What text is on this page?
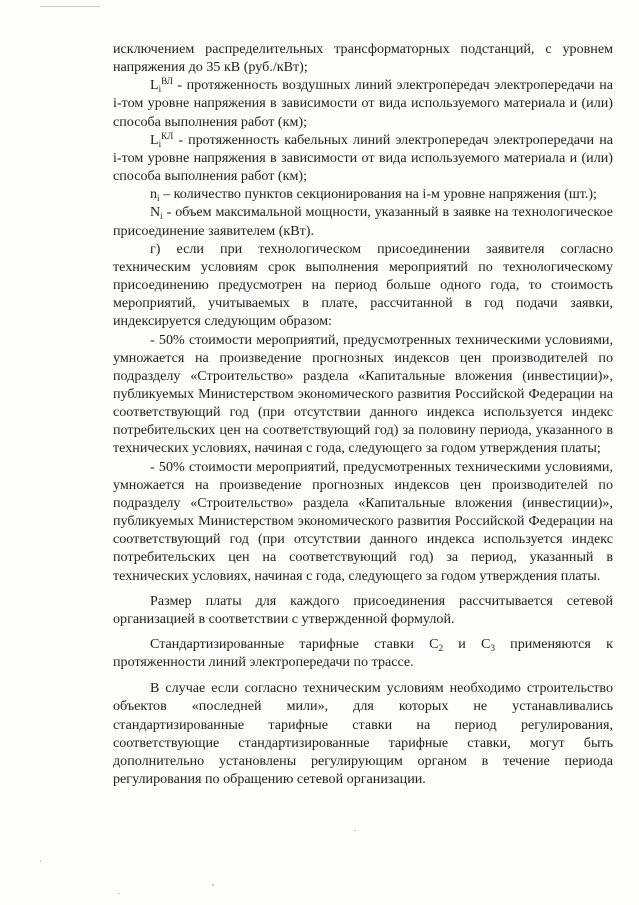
исключением распределительных трансформаторных подстанций, с уровнем напряжения до 35 кВ (руб./кВт);

$L_i^{ВЛ}$ - протяженность воздушных линий электропередач электропередачи на i-том уровне напряжения в зависимости от вида используемого материала и (или) способа выполнения работ (км);

$L_i^{КЛ}$ - протяженность кабельных линий электропередач электропередачи на i-том уровне напряжения в зависимости от вида используемого материала и (или) способа выполнения работ (км);

$n_i$ – количество пунктов секционирования на i-м уровне напряжения (шт.);

$N_i$ - объем максимальной мощности, указанный в заявке на технологическое присоединение заявителем (кВт).

г) если при технологическом присоединении заявителя согласно техническим условиям срок выполнения мероприятий по технологическому присоединению предусмотрен на период больше одного года, то стоимость мероприятий, учитываемых в плате, рассчитанной в год подачи заявки, индексируется следующим образом:

- 50% стоимости мероприятий, предусмотренных техническими условиями, умножается на произведение прогнозных индексов цен производителей по подразделу «Строительство» раздела «Капитальные вложения (инвестиции)», публикуемых Министерством экономического развития Российской Федерации на соответствующий год (при отсутствии данного индекса используется индекс потребительских цен на соответствующий год) за половину периода, указанного в технических условиях, начиная с года, следующего за годом утверждения платы;

- 50% стоимости мероприятий, предусмотренных техническими условиями, умножается на произведение прогнозных индексов цен производителей по подразделу «Строительство» раздела «Капитальные вложения (инвестиции)», публикуемых Министерством экономического развития Российской Федерации на соответствующий год (при отсутствии данного индекса используется индекс потребительских цен на соответствующий год) за период, указанный в технических условиях, начиная с года, следующего за годом утверждения платы.

Размер платы для каждого присоединения рассчитывается сетевой организацией в соответствии с утвержденной формулой.

Стандартизированные тарифные ставки $С_2$ и $С_3$ применяются к протяженности линий электропередачи по трассе.

В случае если согласно техническим условиям необходимо строительство объектов «последней мили», для которых не устанавливались стандартизированные тарифные ставки на период регулирования, соответствующие стандартизированные тарифные ставки, могут быть дополнительно установлены регулирующим органом в течение периода регулирования по обращению сетевой организации.
